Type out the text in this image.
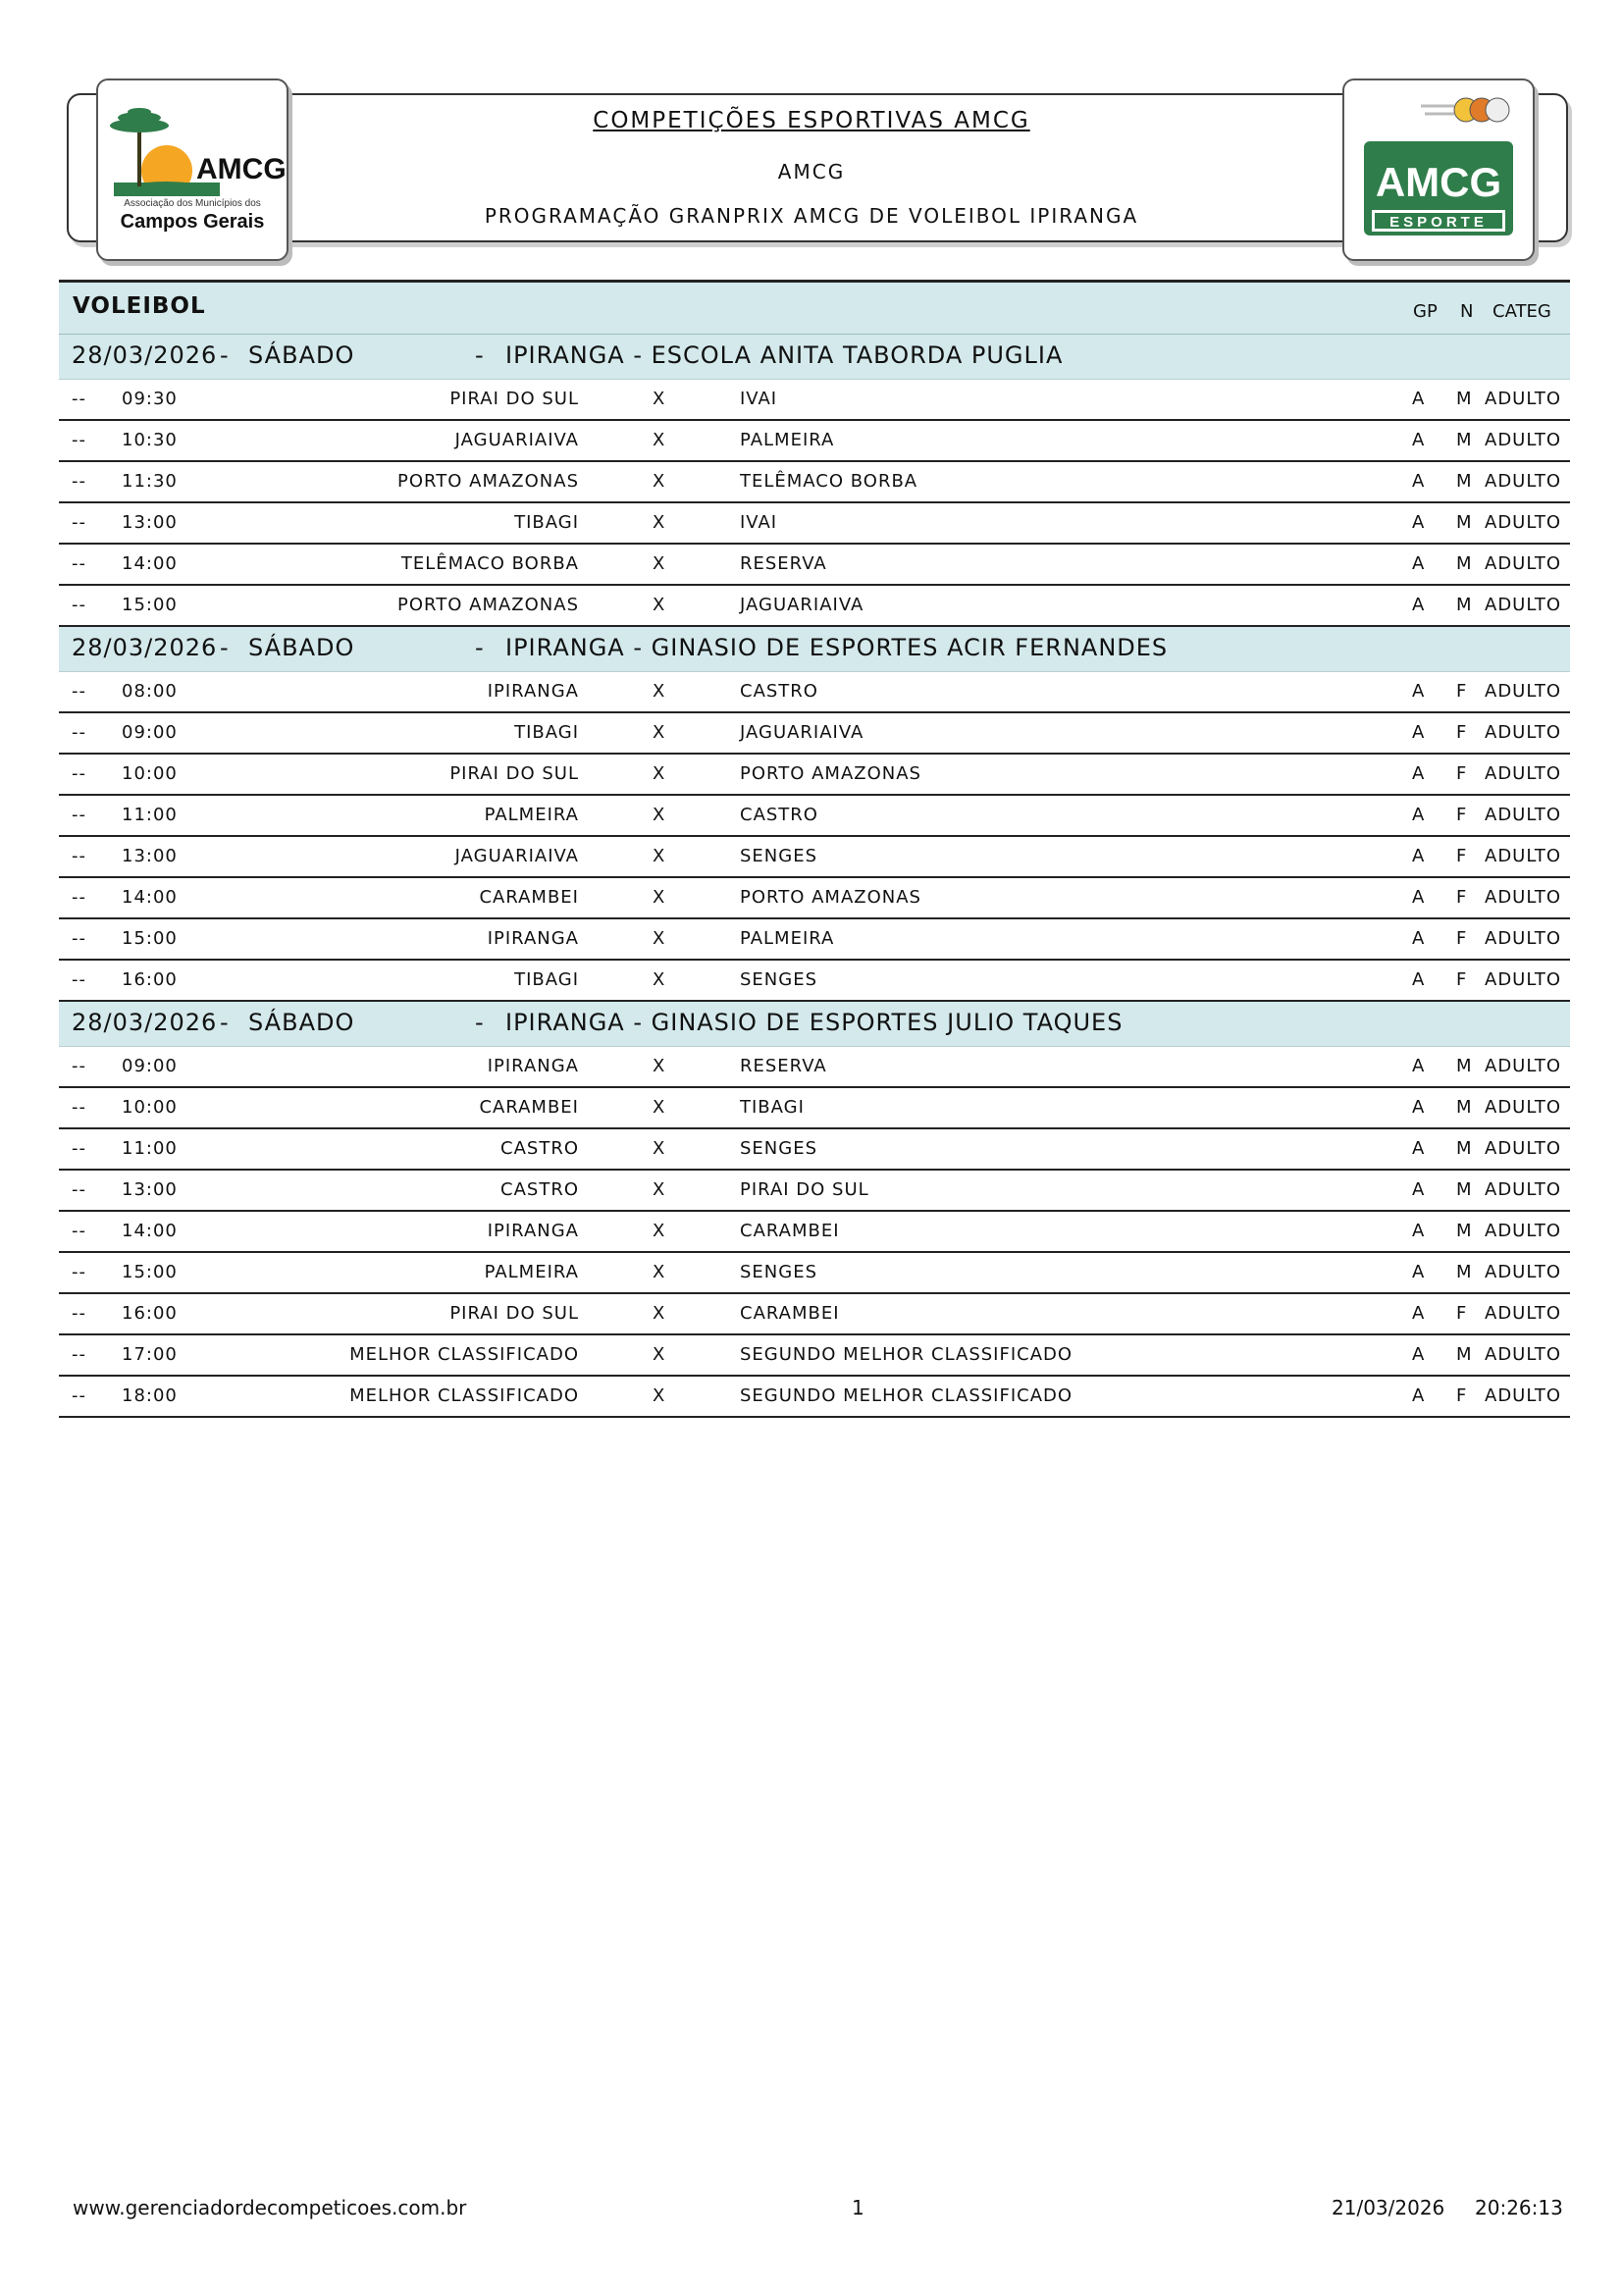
AMCG
Associação dos Municípios dos
Campos Gerais
COMPETIÇÕES ESPORTIVAS AMCG
AMCG
PROGRAMAÇÃO GRANPRIX AMCG DE VOLEIBOL IPIRANGA
AMCG
ESPORTE
VOLEIBOL	GP N CATEG
28/03/2026 - SÁBADO	- IPIRANGA - ESCOLA ANITA TABORDA PUGLIA
-- 09:30	PIRAI DO SUL	X	IVAI	A M ADULTO
-- 10:30	JAGUARIAIVA	X	PALMEIRA	A M ADULTO
-- 11:30	PORTO AMAZONAS	X	TELÊMACO BORBA	A M ADULTO
-- 13:00	TIBAGI	X	IVAI	A M ADULTO
-- 14:00	TELÊMACO BORBA	X	RESERVA	A M ADULTO
-- 15:00	PORTO AMAZONAS	X	JAGUARIAIVA	A M ADULTO
28/03/2026 - SÁBADO	- IPIRANGA - GINASIO DE ESPORTES ACIR FERNANDES
-- 08:00	IPIRANGA	X	CASTRO	A F ADULTO
-- 09:00	TIBAGI	X	JAGUARIAIVA	A F ADULTO
-- 10:00	PIRAI DO SUL	X	PORTO AMAZONAS	A F ADULTO
-- 11:00	PALMEIRA	X	CASTRO	A F ADULTO
-- 13:00	JAGUARIAIVA	X	SENGES	A F ADULTO
-- 14:00	CARAMBEI	X	PORTO AMAZONAS	A F ADULTO
-- 15:00	IPIRANGA	X	PALMEIRA	A F ADULTO
-- 16:00	TIBAGI	X	SENGES	A F ADULTO
28/03/2026 - SÁBADO	- IPIRANGA - GINASIO DE ESPORTES JULIO TAQUES
-- 09:00	IPIRANGA	X	RESERVA	A M ADULTO
-- 10:00	CARAMBEI	X	TIBAGI	A M ADULTO
-- 11:00	CASTRO	X	SENGES	A M ADULTO
-- 13:00	CASTRO	X	PIRAI DO SUL	A M ADULTO
-- 14:00	IPIRANGA	X	CARAMBEI	A M ADULTO
-- 15:00	PALMEIRA	X	SENGES	A M ADULTO
-- 16:00	PIRAI DO SUL	X	CARAMBEI	A F ADULTO
-- 17:00	MELHOR CLASSIFICADO	X	SEGUNDO MELHOR CLASSIFICADO	A M ADULTO
-- 18:00	MELHOR CLASSIFICADO	X	SEGUNDO MELHOR CLASSIFICADO	A F ADULTO
www.gerenciadordecompeticoes.com.br	1	21/03/2026 20:26:13
